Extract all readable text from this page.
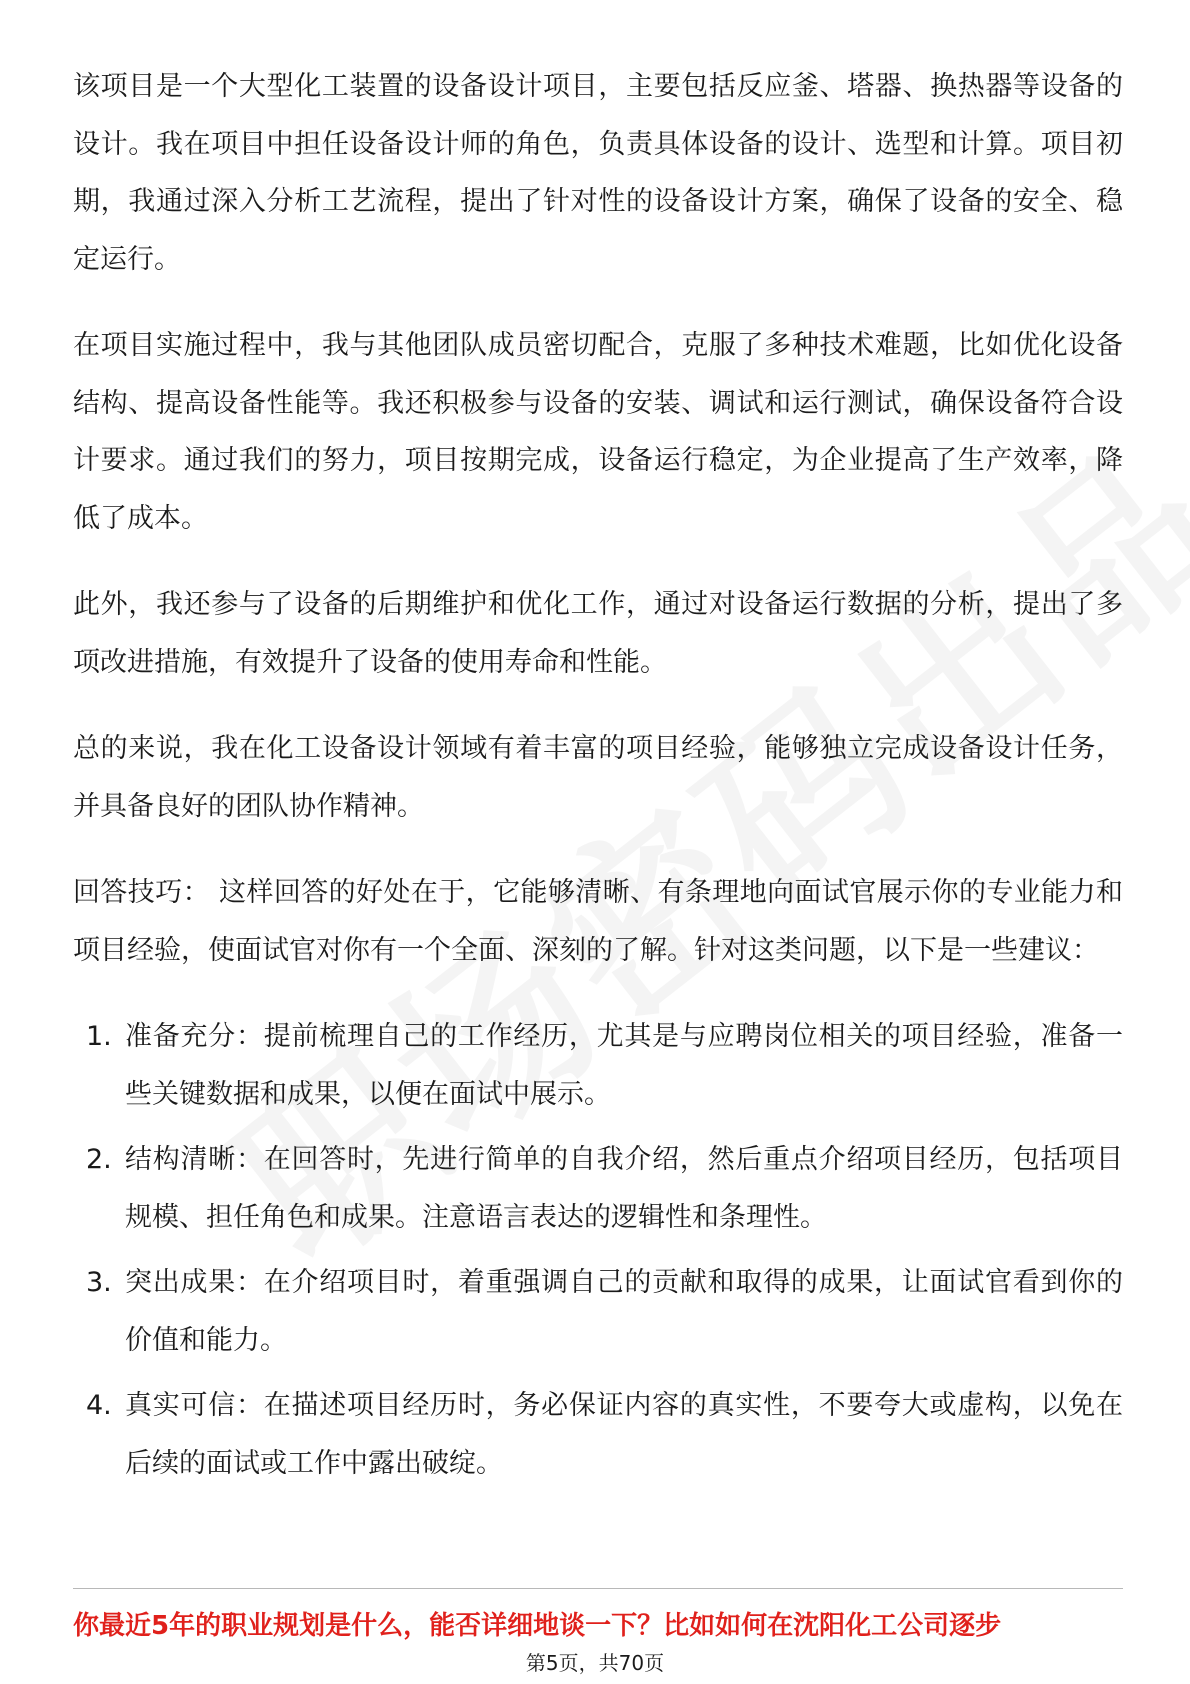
该项目是一个大型化工装置的设备设计项目，主要包括反应釜、塔器、换热器等设备的设计。我在项目中担任设备设计师的角色，负责具体设备的设计、选型和计算。项目初期，我通过深入分析工艺流程，提出了针对性的设备设计方案，确保了设备的安全、稳定运行。

在项目实施过程中，我与其他团队成员密切配合，克服了多种技术难题，比如优化设备结构、提高设备性能等。我还积极参与设备的安装、调试和运行测试，确保设备符合设计要求。通过我们的努力，项目按期完成，设备运行稳定，为企业提高了生产效率，降低了成本。

此外，我还参与了设备的后期维护和优化工作，通过对设备运行数据的分析，提出了多项改进措施，有效提升了设备的使用寿命和性能。

总的来说，我在化工设备设计领域有着丰富的项目经验，能够独立完成设备设计任务，并具备良好的团队协作精神。

回答技巧： 这样回答的好处在于，它能够清晰、有条理地向面试官展示你的专业能力和项目经验，使面试官对你有一个全面、深刻的了解。针对这类问题，以下是一些建议：

1. 准备充分：提前梳理自己的工作经历，尤其是与应聘岗位相关的项目经验，准备一些关键数据和成果，以便在面试中展示。
2. 结构清晰：在回答时，先进行简单的自我介绍，然后重点介绍项目经历，包括项目规模、担任角色和成果。注意语言表达的逻辑性和条理性。
3. 突出成果：在介绍项目时，着重强调自己的贡献和取得的成果，让面试官看到你的价值和能力。
4. 真实可信：在描述项目经历时，务必保证内容的真实性，不要夸大或虚构，以免在后续的面试或工作中露出破绽。
你最近5年的职业规划是什么，能否详细地谈一下？比如如何在沈阳化工公司逐步
第5页，共70页
